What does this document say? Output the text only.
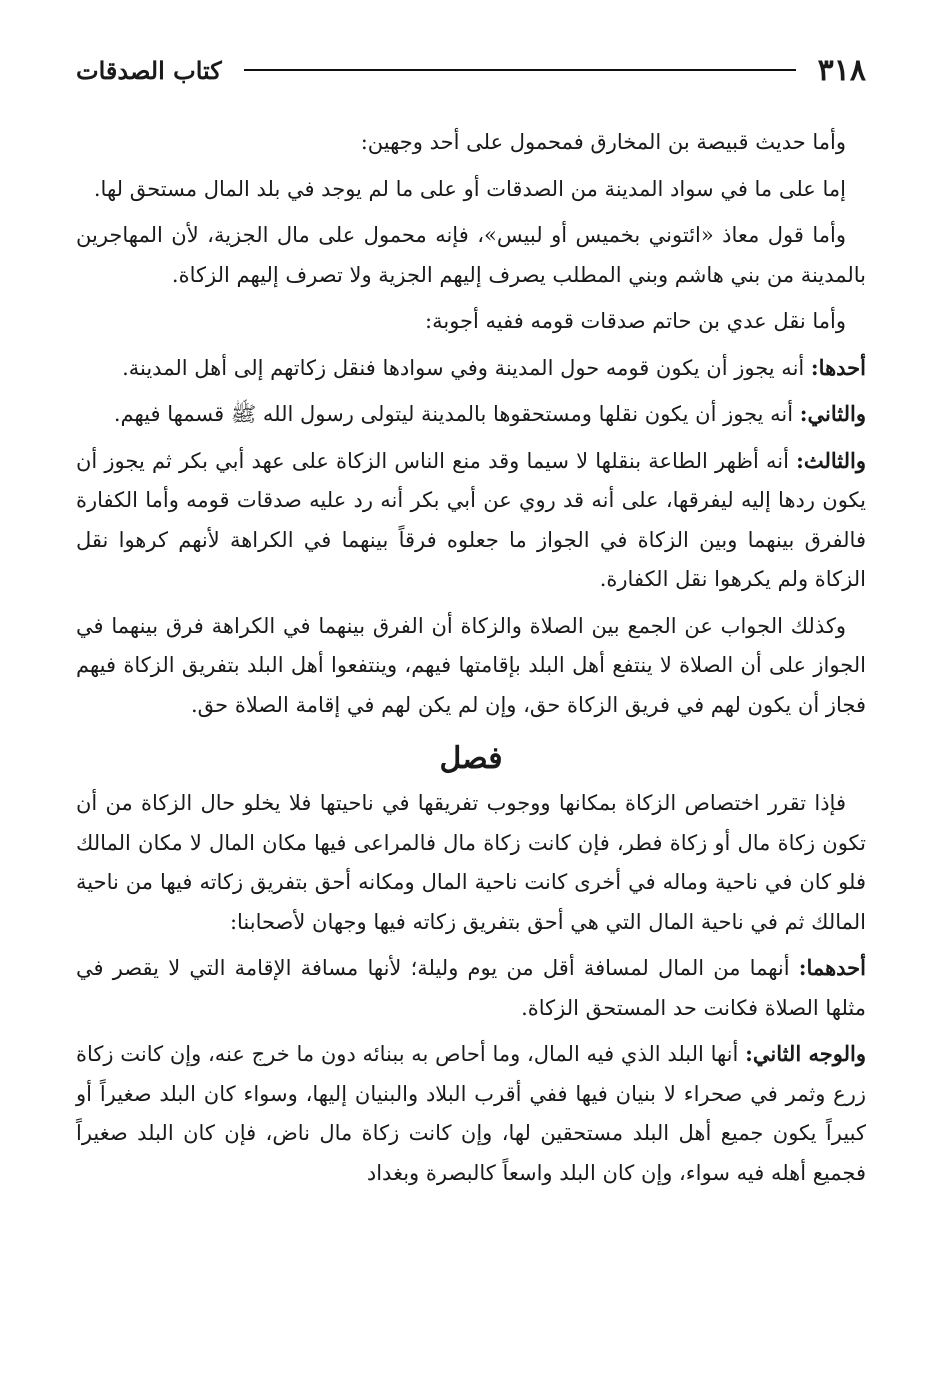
٣١٨
كتاب الصدقات

وأما حديث قبيصة بن المخارق فمحمول على أحد وجهين:

إما على ما في سواد المدينة من الصدقات أو على ما لم يوجد في بلد المال مستحق لها.

وأما قول معاذ «ائتوني بخميس أو لبيس»، فإنه محمول على مال الجزية، لأن المهاجرين بالمدينة من بني هاشم وبني المطلب يصرف إليهم الجزية ولا تصرف إليهم الزكاة.

وأما نقل عدي بن حاتم صدقات قومه ففيه أجوبة:

أحدها: أنه يجوز أن يكون قومه حول المدينة وفي سوادها فنقل زكاتهم إلى أهل المدينة.

والثاني: أنه يجوز أن يكون نقلها ومستحقوها بالمدينة ليتولى رسول الله ﷺ قسمها فيهم.

والثالث: أنه أظهر الطاعة بنقلها لا سيما وقد منع الناس الزكاة على عهد أبي بكر ثم يجوز أن يكون ردها إليه ليفرقها، على أنه قد روي عن أبي بكر أنه رد عليه صدقات قومه وأما الكفارة فالفرق بينهما وبين الزكاة في الجواز ما جعلوه فرقاً بينهما في الكراهة لأنهم كرهوا نقل الزكاة ولم يكرهوا نقل الكفارة.

وكذلك الجواب عن الجمع بين الصلاة والزكاة أن الفرق بينهما في الكراهة فرق بينهما في الجواز على أن الصلاة لا ينتفع أهل البلد بإقامتها فيهم، وينتفعوا أهل البلد بتفريق الزكاة فيهم فجاز أن يكون لهم في فريق الزكاة حق، وإن لم يكن لهم في إقامة الصلاة حق.

فصل

فإذا تقرر اختصاص الزكاة بمكانها ووجوب تفريقها في ناحيتها فلا يخلو حال الزكاة من أن تكون زكاة مال أو زكاة فطر، فإن كانت زكاة مال فالمراعى فيها مكان المال لا مكان المالك فلو كان في ناحية وماله في أخرى كانت ناحية المال ومكانه أحق بتفريق زكاته فيها من ناحية المالك ثم في ناحية المال التي هي أحق بتفريق زكاته فيها وجهان لأصحابنا:

أحدهما: أنهما من المال لمسافة أقل من يوم وليلة؛ لأنها مسافة الإقامة التي لا يقصر في مثلها الصلاة فكانت حد المستحق الزكاة.

والوجه الثاني: أنها البلد الذي فيه المال، وما أحاص به ببنائه دون ما خرج عنه، وإن كانت زكاة زرع وثمر في صحراء لا بنيان فيها ففي أقرب البلاد والبنيان إليها، وسواء كان البلد صغيراً أو كبيراً يكون جميع أهل البلد مستحقين لها، وإن كانت زكاة مال ناض، فإن كان البلد صغيراً فجميع أهله فيه سواء، وإن كان البلد واسعاً كالبصرة وبغداد
